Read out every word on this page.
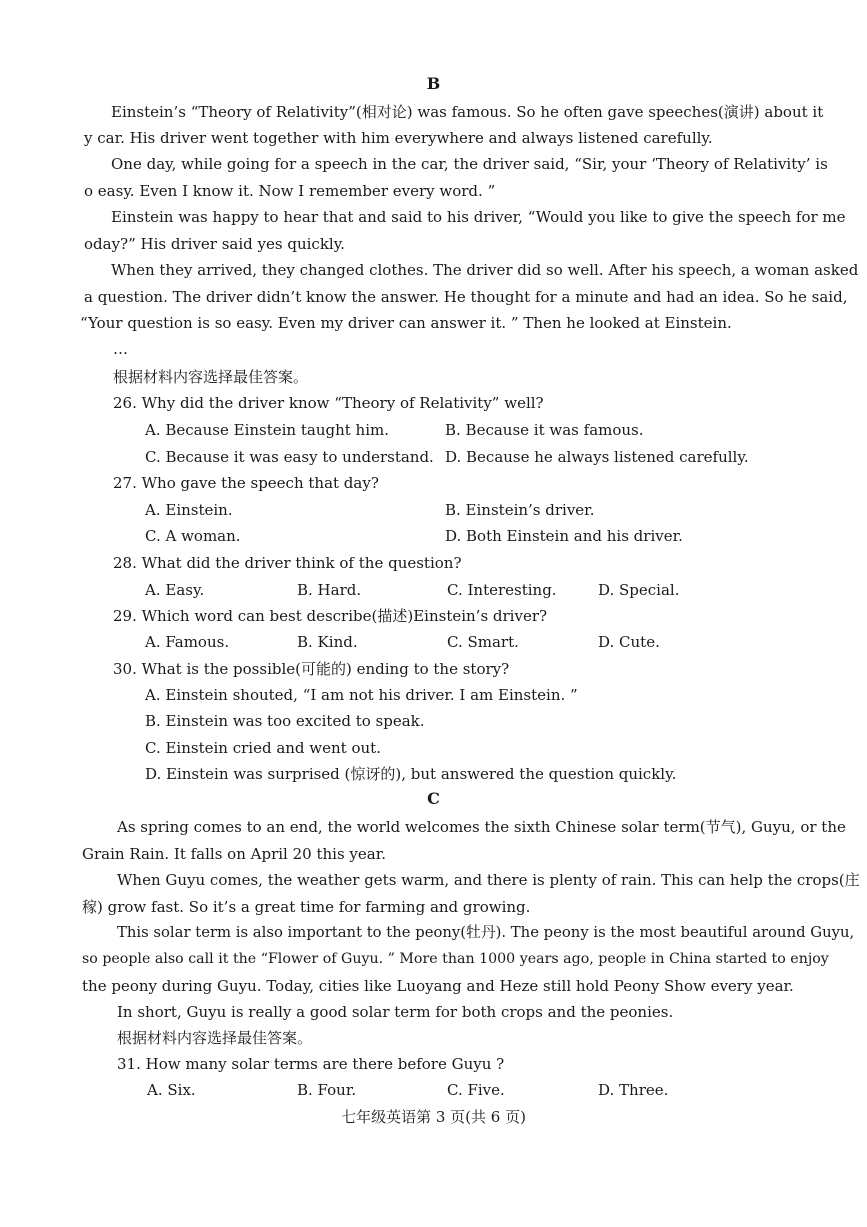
B
Einstein’s “Theory of Relativity”(相对论) was famous. So he often gave speeches(演讲) about it
y car. His driver went together with him everywhere and always listened carefully.
One day, while going for a speech in the car, the driver said, “Sir, your ‘Theory of Relativity’ is
o easy. Even I know it. Now I remember every word. ”
Einstein was happy to hear that and said to his driver, “Would you like to give the speech for me
oday?” His driver said yes quickly.
When they arrived, they changed clothes. The driver did so well. After his speech, a woman asked
a question. The driver didn’t know the answer. He thought for a minute and had an idea. So he said,
“Your question is so easy. Even my driver can answer it. ” Then he looked at Einstein.
…
根据材料内容选择最佳答案。
26. Why did the driver know “Theory of Relativity” well?
A. Because Einstein taught him.	B. Because it was famous.
C. Because it was easy to understand. D. Because he always listened carefully.
27. Who gave the speech that day?
A. Einstein.	B. Einstein’s driver.
C. A woman.	D. Both Einstein and his driver.
28. What did the driver think of the question?
A. Easy.	B. Hard.	C. Interesting.	D. Special.
29. Which word can best describe(描述)Einstein’s driver?
A. Famous.	B. Kind.	C. Smart.	D. Cute.
30. What is the possible(可能的) ending to the story?
A. Einstein shouted, “I am not his driver. I am Einstein. ”
B. Einstein was too excited to speak.
C. Einstein cried and went out.
D. Einstein was surprised (惊讶的), but answered the question quickly.
C
As spring comes to an end, the world welcomes the sixth Chinese solar term(节气), Guyu, or the
Grain Rain. It falls on April 20 this year.
When Guyu comes, the weather gets warm, and there is plenty of rain. This can help the crops(庄
稼) grow fast. So it’s a great time for farming and growing.
This solar term is also important to the peony(牡丹). The peony is the most beautiful around Guyu,
so people also call it the “Flower of Guyu. ” More than 1000 years ago, people in China started to enjoy
the peony during Guyu. Today, cities like Luoyang and Heze still hold Peony Show every year.
In short, Guyu is really a good solar term for both crops and the peonies.
根据材料内容选择最佳答案。
31. How many solar terms are there before Guyu ?
A. Six.	B. Four.	C. Five.	D. Three.
七年级英语第 3 页(共 6 页)
